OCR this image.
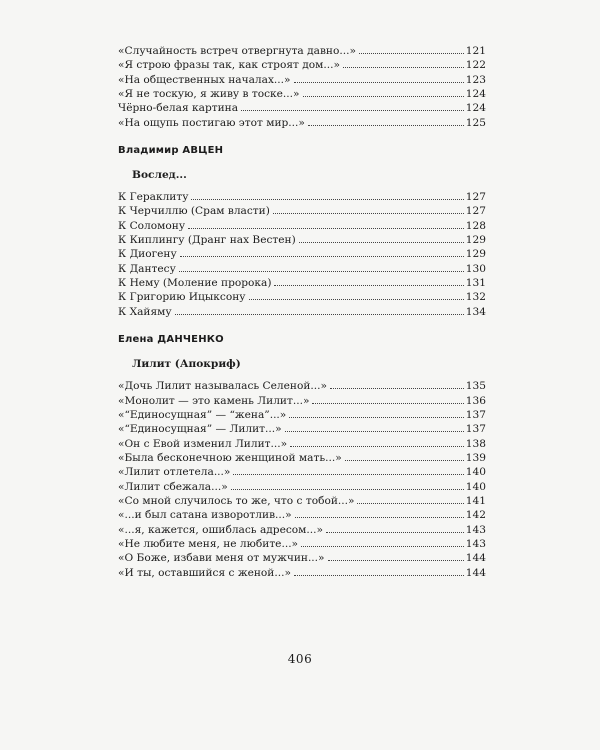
«Случайность встреч отвергнута давно...»	121
«Я строю фразы так, как строят дом...»	122
«На общественных началах...»	123
«Я не тоскую, я живу в тоске...»	124
Чёрно-белая картина	124
«На ощупь постигаю этот мир...»	125
Владимир АВЦЕН
Вослед...
К Гераклиту	127
К Черчиллю (Срам власти)	127
К Соломону	128
К Киплингу (Дранг нах Вестен)	129
К Диогену	129
К Дантесу	130
К Нему (Моление пророка)	131
К Григорию Ицыксону	132
К Хайяму	134
Елена ДАНЧЕНКО
Лилит (Апокриф)
«Дочь Лилит называлась Селеной...»	135
«Монолит — это камень Лилит...»	136
«“Единосущная” — “жена”...»	137
«“Единосущная” — Лилит...»	137
«Он с Евой изменил Лилит...»	138
«Была бесконечною женщиной мать...»	139
«Лилит отлетела...»	140
«Лилит сбежала...»	140
«Со мной случилось то же, что с тобой...»	141
«...и был сатана изворотлив...»	142
«...я, кажется, ошиблась адресом...»	143
«Не любите меня, не любите...»	143
«О Боже, избави меня от мужчин...»	144
«И ты, оставшийся с женой...»	144
406
